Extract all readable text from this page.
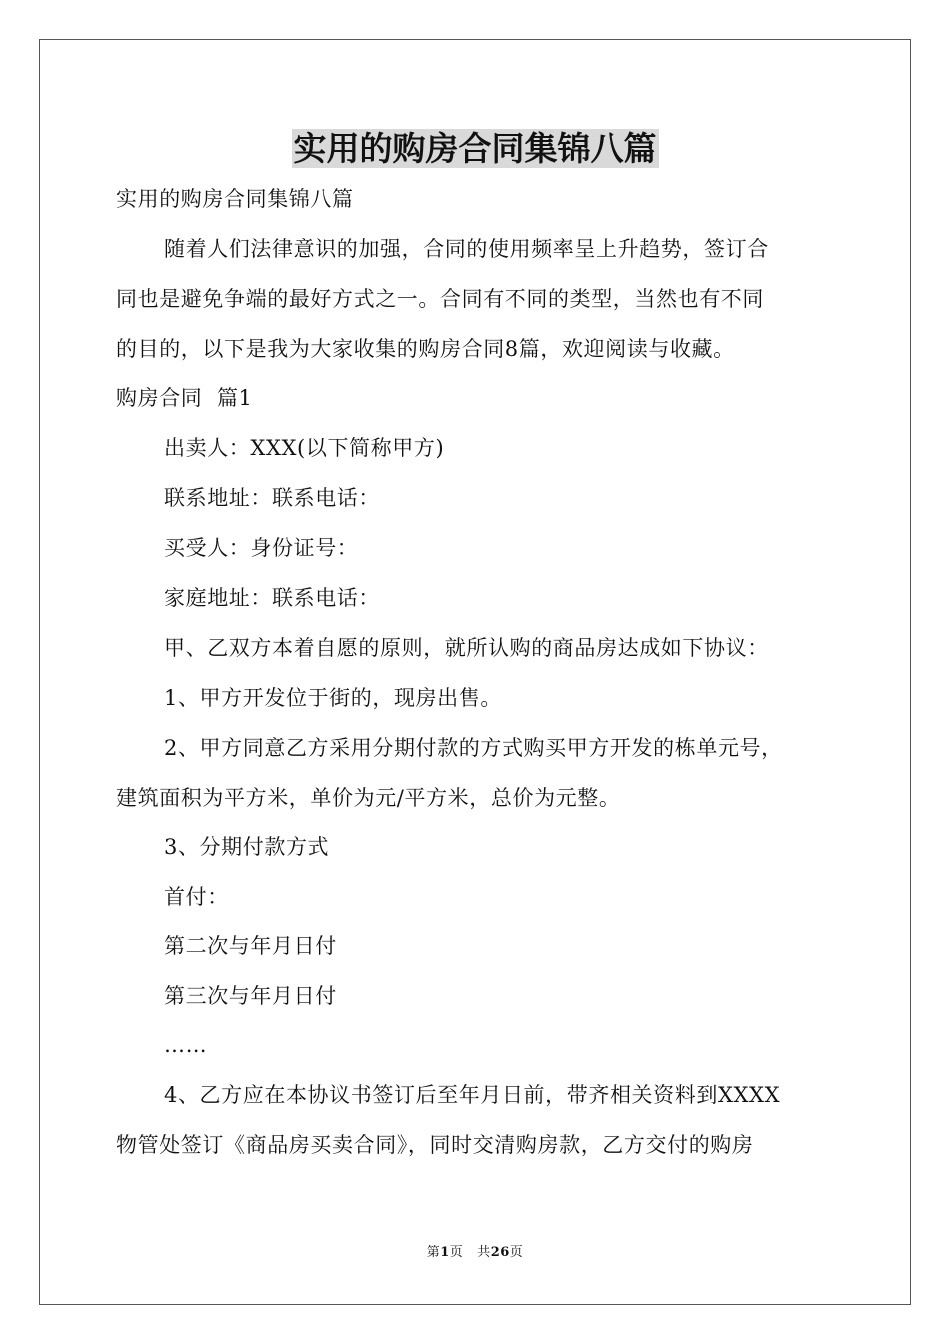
实用的购房合同集锦八篇

实用的购房合同集锦八篇

随着人们法律意识的加强，合同的使用频率呈上升趋势，签订合

同也是避免争端的最好方式之一。合同有不同的类型，当然也有不同

的目的，以下是我为大家收集的购房合同8篇，欢迎阅读与收藏。

购房合同  篇1

出卖人：XXX(以下简称甲方)

联系地址：联系电话：

买受人：身份证号：

家庭地址：联系电话：

甲、乙双方本着自愿的原则，就所认购的商品房达成如下协议：

1、甲方开发位于街的，现房出售。

2、甲方同意乙方采用分期付款的方式购买甲方开发的栋单元号，

建筑面积为平方米，单价为元/平方米，总价为元整。

3、分期付款方式

首付：

第二次与年月日付

第三次与年月日付

……

4、乙方应在本协议书签订后至年月日前，带齐相关资料到XXXX

物管处签订《商品房买卖合同》，同时交清购房款，乙方交付的购房

第1页 共26页
